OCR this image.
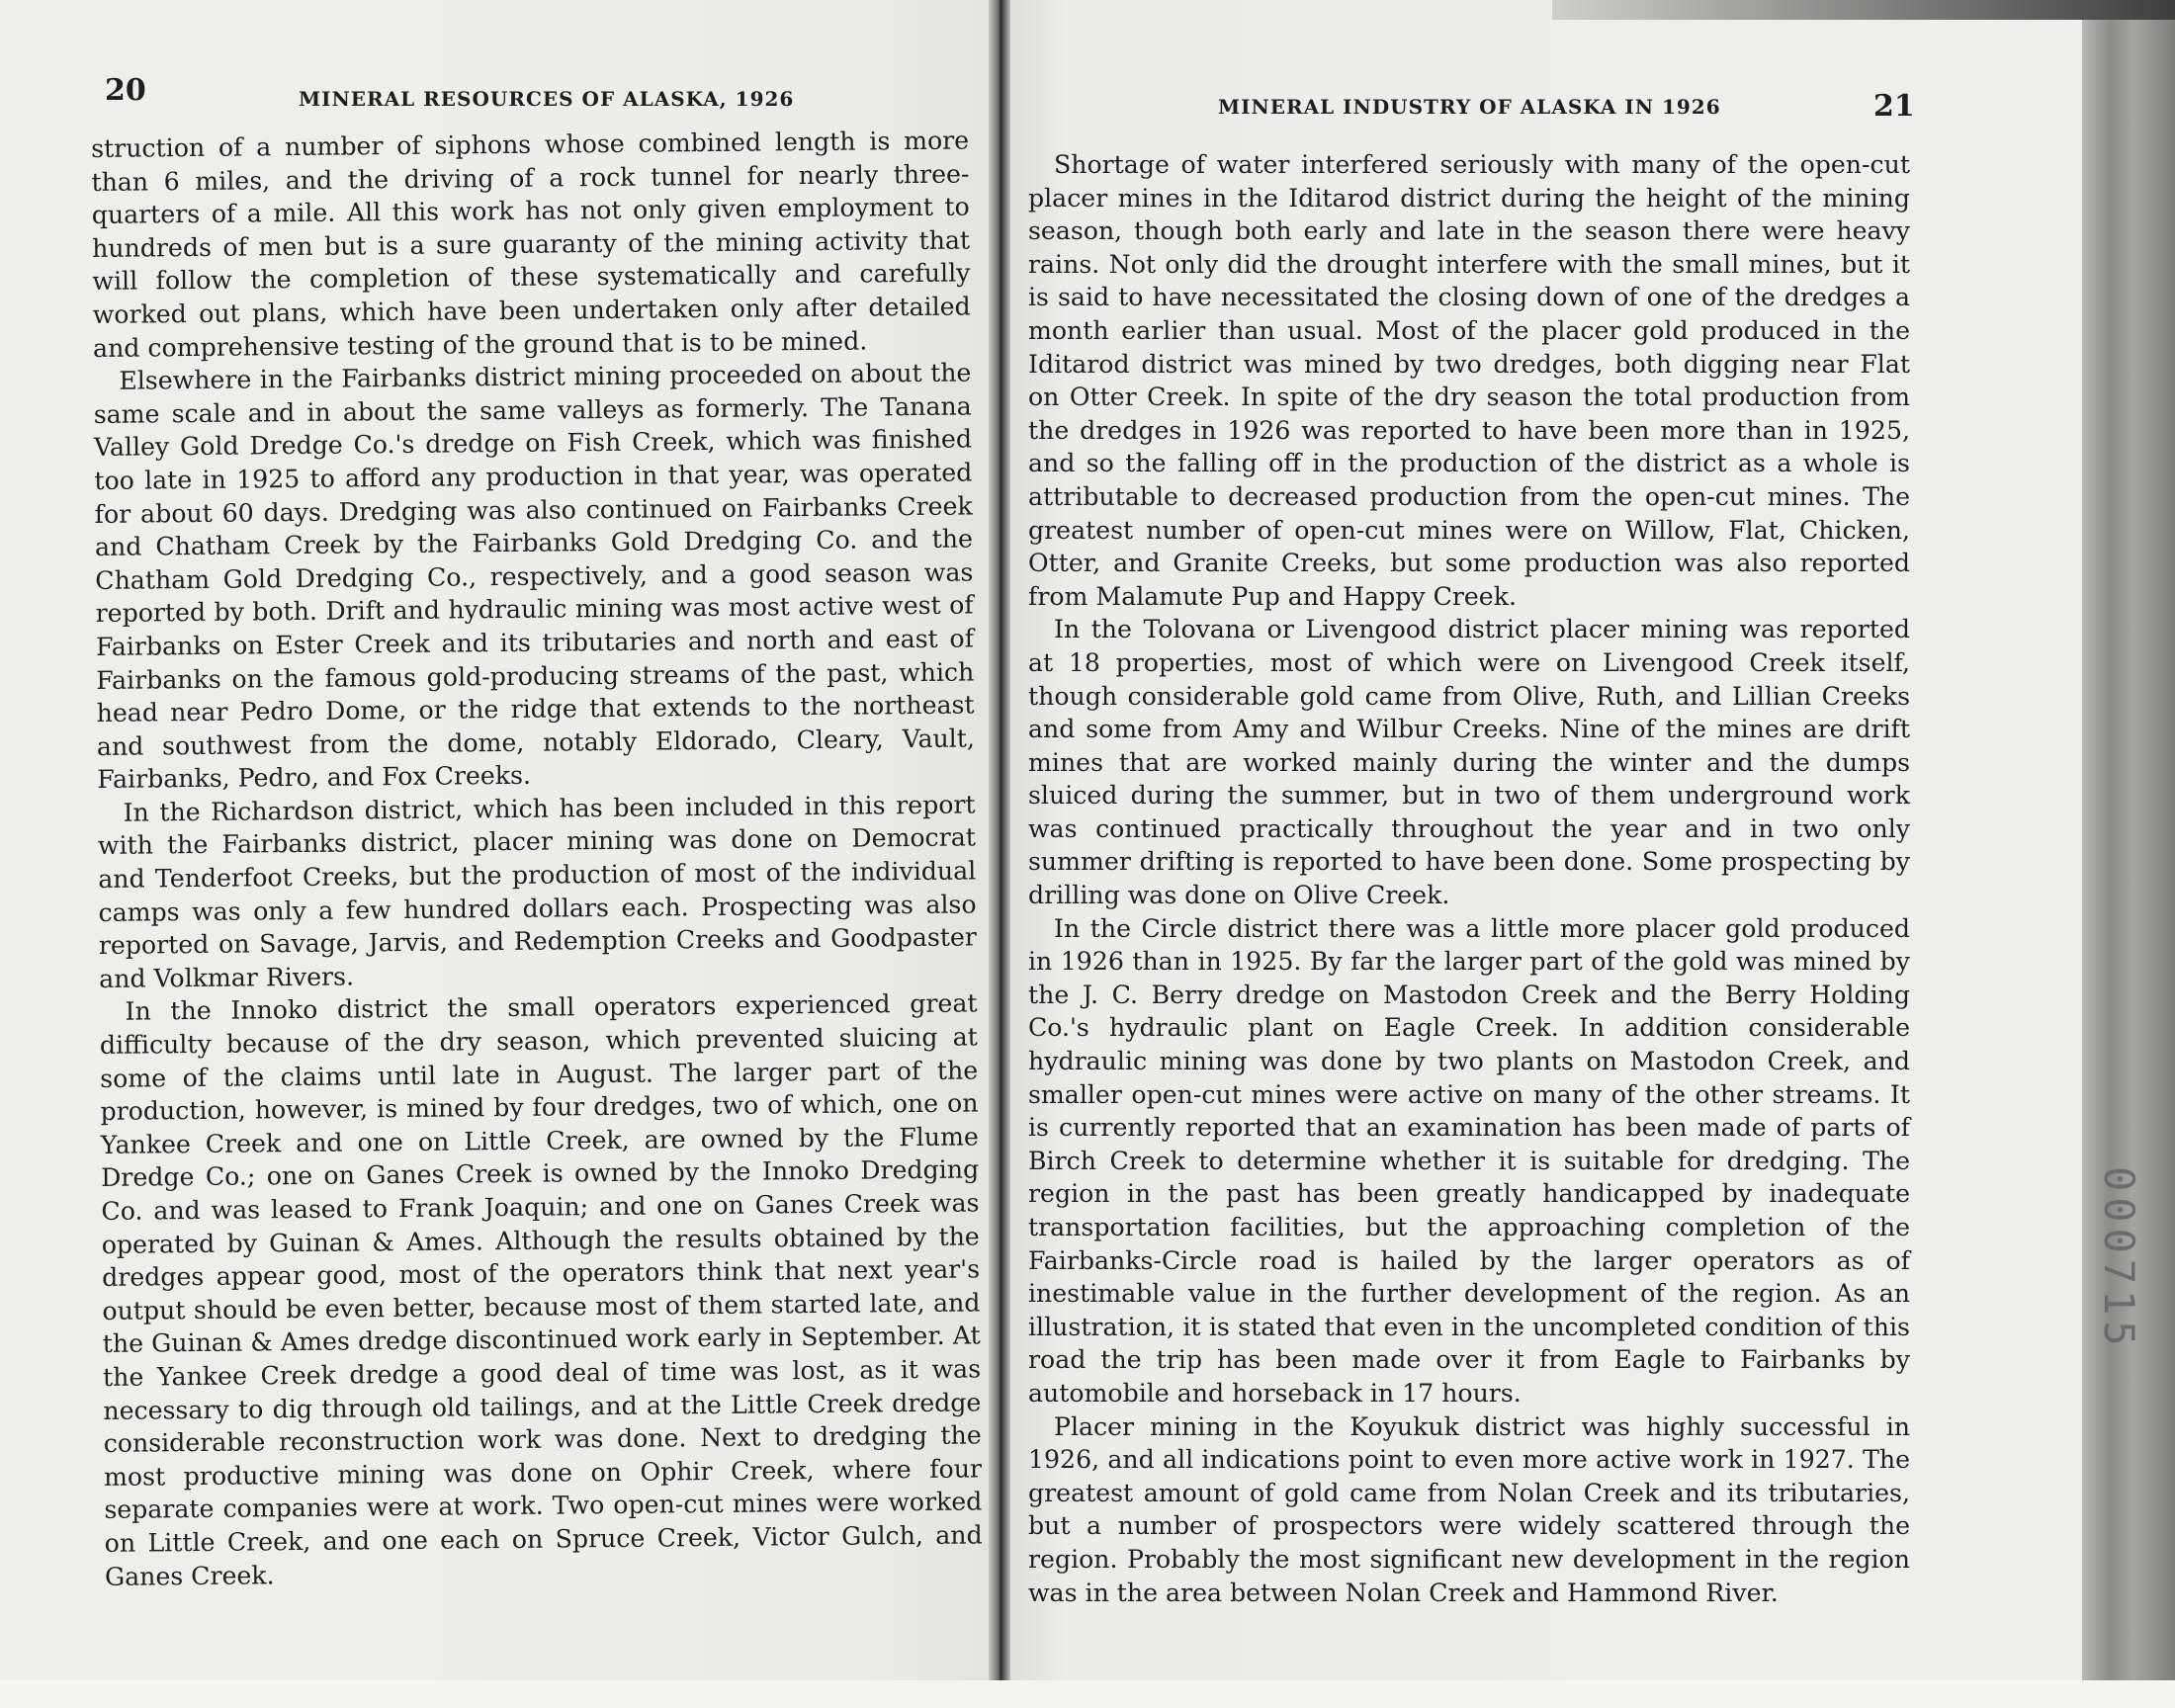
20	MINERAL RESOURCES OF ALASKA, 1926	21
MINERAL INDUSTRY OF ALASKA IN 1926

struction of a number of siphons whose combined length is more than 6 miles, and the driving of a rock tunnel for nearly three-quarters of a mile. All this work has not only given employment to hundreds of men but is a sure guaranty of the mining activity that will follow the completion of these systematically and carefully worked out plans, which have been undertaken only after detailed and comprehensive testing of the ground that is to be mined.

Elsewhere in the Fairbanks district mining proceeded on about the same scale and in about the same valleys as formerly. The Tanana Valley Gold Dredge Co.'s dredge on Fish Creek, which was finished too late in 1925 to afford any production in that year, was operated for about 60 days. Dredging was also continued on Fairbanks Creek and Chatham Creek by the Fairbanks Gold Dredging Co. and the Chatham Gold Dredging Co., respectively, and a good season was reported by both. Drift and hydraulic mining was most active west of Fairbanks on Ester Creek and its tributaries and north and east of Fairbanks on the famous gold-producing streams of the past, which head near Pedro Dome, or the ridge that extends to the northeast and southwest from the dome, notably Eldorado, Cleary, Vault, Fairbanks, Pedro, and Fox Creeks.

In the Richardson district, which has been included in this report with the Fairbanks district, placer mining was done on Democrat and Tenderfoot Creeks, but the production of most of the individual camps was only a few hundred dollars each. Prospecting was also reported on Savage, Jarvis, and Redemption Creeks and Goodpaster and Volkmar Rivers.

In the Innoko district the small operators experienced great difficulty because of the dry season, which prevented sluicing at some of the claims until late in August. The larger part of the production, however, is mined by four dredges, two of which, one on Yankee Creek and one on Little Creek, are owned by the Flume Dredge Co.; one on Ganes Creek is owned by the Innoko Dredging Co. and was leased to Frank Joaquin; and one on Ganes Creek was operated by Guinan & Ames. Although the results obtained by the dredges appear good, most of the operators think that next year's output should be even better, because most of them started late, and the Guinan & Ames dredge discontinued work early in September. At the Yankee Creek dredge a good deal of time was lost, as it was necessary to dig through old tailings, and at the Little Creek dredge considerable reconstruction work was done. Next to dredging the most productive mining was done on Ophir Creek, where four separate companies were at work. Two open-cut mines were worked on Little Creek, and one each on Spruce Creek, Victor Gulch, and Ganes Creek.

Shortage of water interfered seriously with many of the open-cut placer mines in the Iditarod district during the height of the mining season, though both early and late in the season there were heavy rains. Not only did the drought interfere with the small mines, but it is said to have necessitated the closing down of one of the dredges a month earlier than usual. Most of the placer gold produced in the Iditarod district was mined by two dredges, both digging near Flat on Otter Creek. In spite of the dry season the total production from the dredges in 1926 was reported to have been more than in 1925, and so the falling off in the production of the district as a whole is attributable to decreased production from the open-cut mines. The greatest number of open-cut mines were on Willow, Flat, Chicken, Otter, and Granite Creeks, but some production was also reported from Malamute Pup and Happy Creek.

In the Tolovana or Livengood district placer mining was reported at 18 properties, most of which were on Livengood Creek itself, though considerable gold came from Olive, Ruth, and Lillian Creeks and some from Amy and Wilbur Creeks. Nine of the mines are drift mines that are worked mainly during the winter and the dumps sluiced during the summer, but in two of them underground work was continued practically throughout the year and in two only summer drifting is reported to have been done. Some prospecting by drilling was done on Olive Creek.

In the Circle district there was a little more placer gold produced in 1926 than in 1925. By far the larger part of the gold was mined by the J. C. Berry dredge on Mastodon Creek and the Berry Holding Co.'s hydraulic plant on Eagle Creek. In addition considerable hydraulic mining was done by two plants on Mastodon Creek, and smaller open-cut mines were active on many of the other streams. It is currently reported that an examination has been made of parts of Birch Creek to determine whether it is suitable for dredging. The region in the past has been greatly handicapped by inadequate transportation facilities, but the approaching completion of the Fairbanks-Circle road is hailed by the larger operators as of inestimable value in the further development of the region. As an illustration, it is stated that even in the uncompleted condition of this road the trip has been made over it from Eagle to Fairbanks by automobile and horseback in 17 hours.

Placer mining in the Koyukuk district was highly successful in 1926, and all indications point to even more active work in 1927. The greatest amount of gold came from Nolan Creek and its tributaries, but a number of prospectors were widely scattered through the region. Probably the most significant new development in the region was in the area between Nolan Creek and Hammond River.

000715
